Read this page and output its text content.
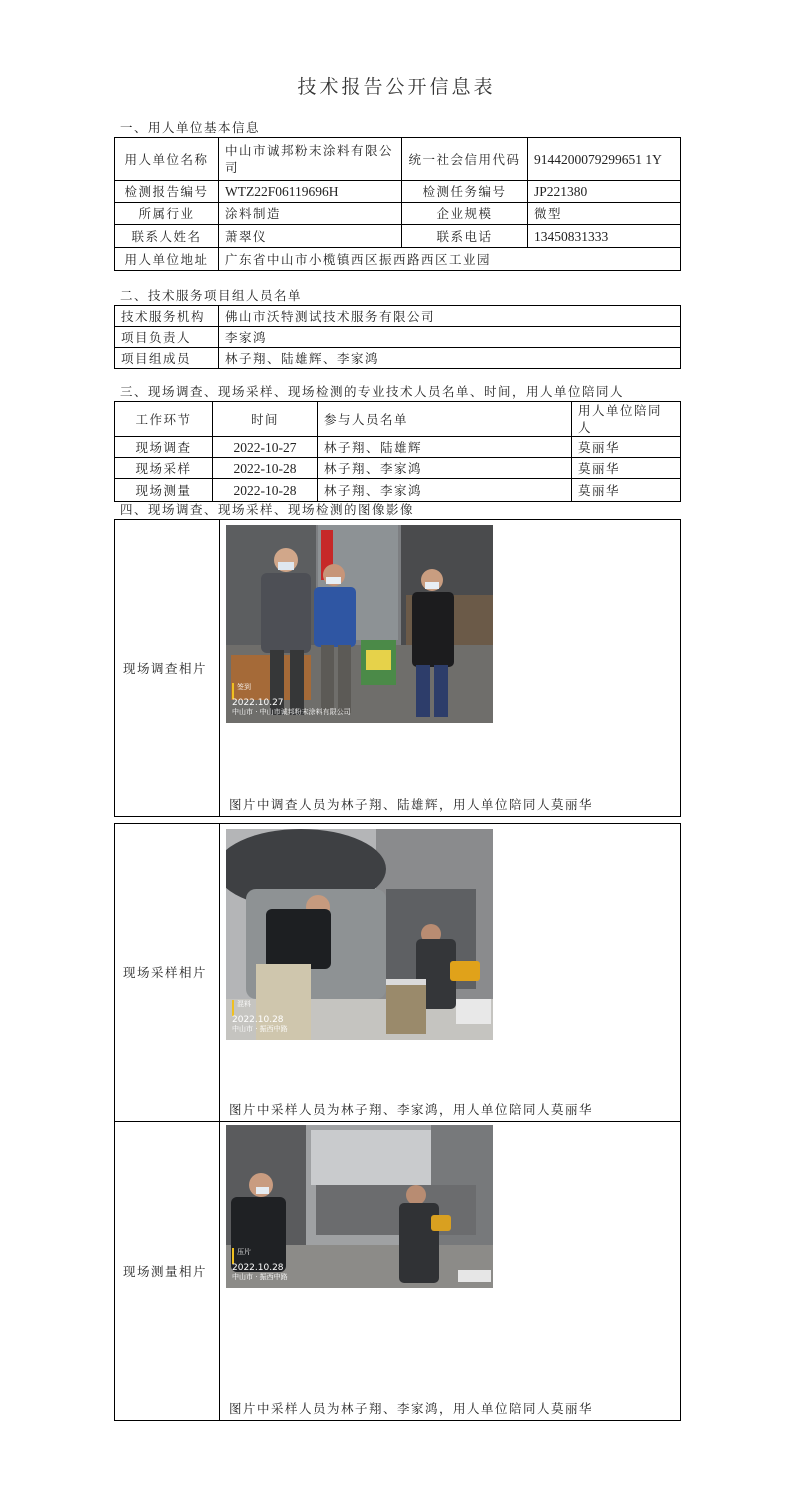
技术报告公开信息表
一、用人单位基本信息
用人单位名称	中山市诚邦粉末涂料有限公司	统一社会信用代码	9144200079299651 1Y
检测报告编号	WTZ22F06119696H	检测任务编号	JP221380
所属行业	涂料制造	企业规模	微型
联系人姓名	萧翠仪	联系电话	13450831333
用人单位地址	广东省中山市小榄镇西区振西路西区工业园		
二、技术服务项目组人员名单
技术服务机构	佛山市沃特测试技术服务有限公司
项目负责人	李家鸿
项目组成员	林子翔、陆雄辉、李家鸿
三、现场调查、现场采样、现场检测的专业技术人员名单、时间，用人单位陪同人
工作环节	时间	参与人员名单	用人单位陪同人
现场调查	2022-10-27	林子翔、陆雄辉	莫丽华
现场采样	2022-10-28	林子翔、李家鸿	莫丽华
现场测量	2022-10-28	林子翔、李家鸿	莫丽华
四、现场调查、现场采样、现场检测的图像影像
现场调查相片	
签到
2022.10.27
中山市 · 中山市诚邦粉末涂料有限公司
图片中调查人员为林子翔、陆雄辉，用人单位陪同人莫丽华
现场采样相片	
混料
2022.10.28
中山市 · 振西中路
图片中采样人员为林子翔、李家鸿，用人单位陪同人莫丽华
现场测量相片	
压片
2022.10.28
中山市 · 振西中路
图片中采样人员为林子翔、李家鸿，用人单位陪同人莫丽华
